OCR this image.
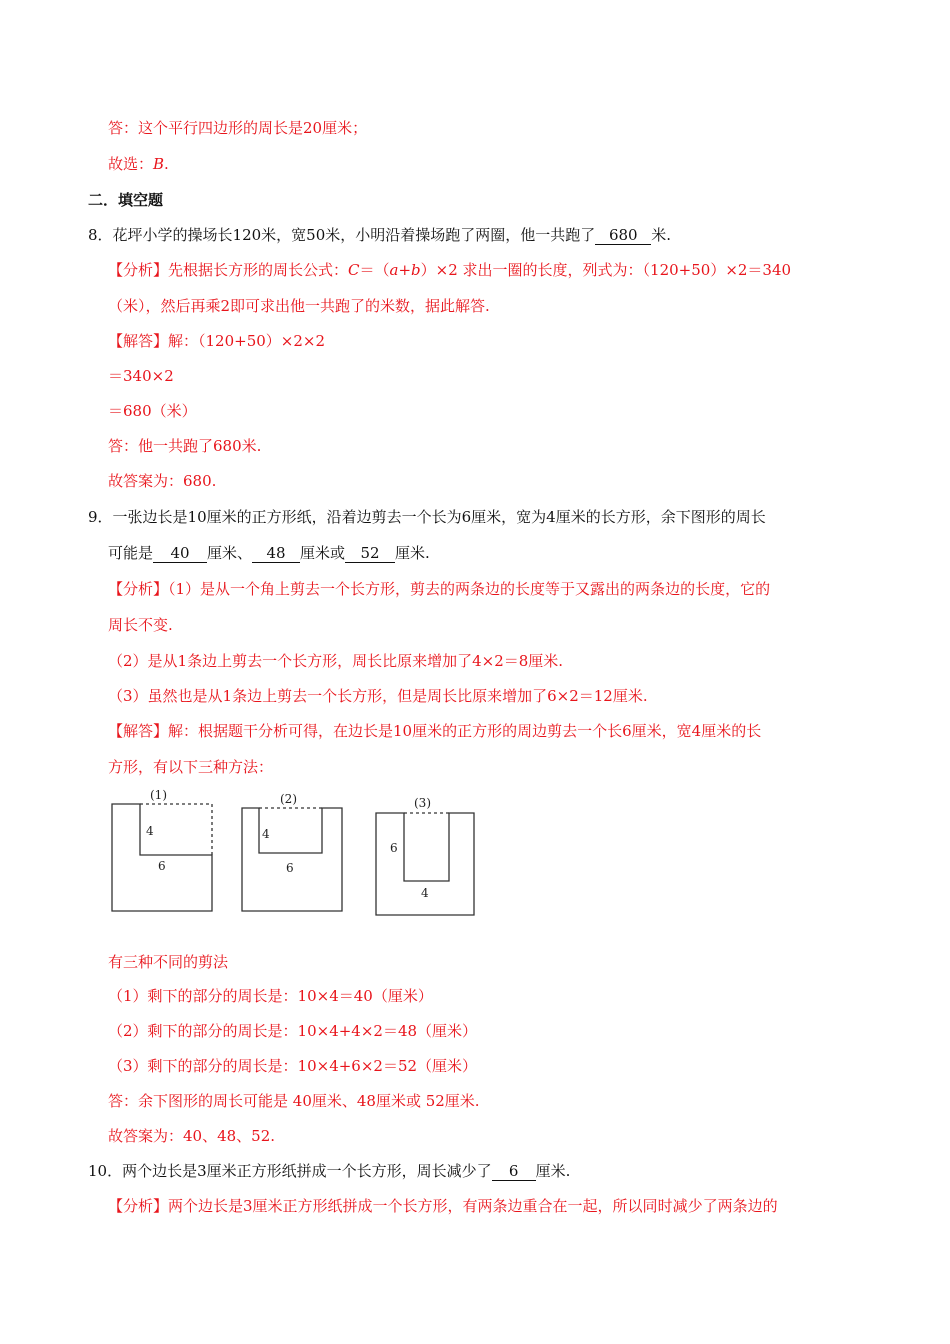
答：这个平行四边形的周长是20厘米；
故选：B.
二．填空题
8．花坪小学的操场长120米，宽50米，小明沿着操场跑了两圈，他一共跑了 680 米.
【分析】先根据长方形的周长公式：C＝（a+b）×2 求出一圈的长度，列式为：（120+50）×2＝340
（米），然后再乘2即可求出他一共跑了的米数，据此解答.
【解答】解：（120+50）×2×2
＝340×2
＝680（米）
答：他一共跑了680米.
故答案为：680.
9．一张边长是10厘米的正方形纸，沿着边剪去一个长为6厘米，宽为4厘米的长方形，余下图形的周长
可能是 40 厘米、 48 厘米或 52 厘米.
【分析】（1）是从一个角上剪去一个长方形，剪去的两条边的长度等于又露出的两条边的长度，它的
周长不变.
（2）是从1条边上剪去一个长方形，周长比原来增加了4×2＝8厘米.
（3）虽然也是从1条边上剪去一个长方形，但是周长比原来增加了6×2＝12厘米.
【解答】解：根据题干分析可得，在边长是10厘米的正方形的周边剪去一个长6厘米，宽4厘米的长
方形，有以下三种方法：
(1)
4
6
(2)
4
6
(3)
6
4
有三种不同的剪法
（1）剩下的部分的周长是：10×4＝40（厘米）
（2）剩下的部分的周长是：10×4+4×2＝48（厘米）
（3）剩下的部分的周长是：10×4+6×2＝52（厘米）
答：余下图形的周长可能是 40厘米、48厘米或 52厘米.
故答案为：40、48、52.
10．两个边长是3厘米正方形纸拼成一个长方形，周长减少了 6 厘米.
【分析】两个边长是3厘米正方形纸拼成一个长方形，有两条边重合在一起，所以同时减少了两条边的
